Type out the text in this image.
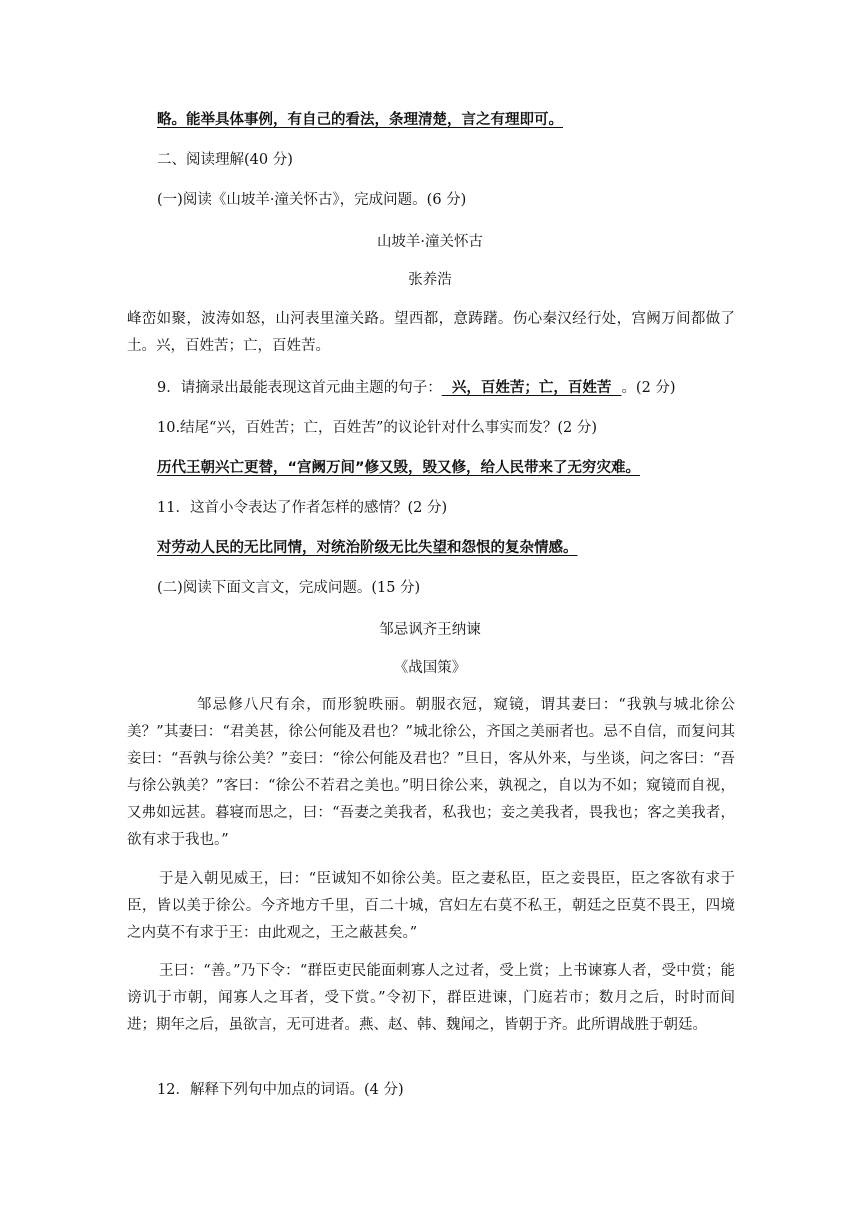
略。能举具体事例，有自己的看法，条理清楚，言之有理即可。
二、阅读理解(40 分)
(一)阅读《山坡羊·潼关怀古》，完成问题。(6 分)
山坡羊·潼关怀古
张养浩
峰峦如聚，波涛如怒，山河表里潼关路。望西都，意踌躇。伤心秦汉经行处，宫阙万间都做了土。兴，百姓苦；亡，百姓苦。
9．请摘录出最能表现这首元曲主题的句子：  兴，百姓苦；亡，百姓苦  。(2 分)
10.结尾“兴，百姓苦；亡，百姓苦”的议论针对什么事实而发？(2 分)
历代王朝兴亡更替，“宫阙万间”修又毁，毁又修，给人民带来了无穷灾难。
11．这首小令表达了作者怎样的感情？(2 分)
对劳动人民的无比同情，对统治阶级无比失望和怨恨的复杂情感。
(二)阅读下面文言文，完成问题。(15 分)
邹忌讽齐王纳谏
《战国策》
邹忌修八尺有余，而形貌昳丽。朝服衣冠，窥镜，谓其妻曰：“我孰与城北徐公美？”其妻曰：“君美甚，徐公何能及君也？”城北徐公，齐国之美丽者也。忌不自信，而复问其妾曰：“吾孰与徐公美？”妾曰：“徐公何能及君也？”旦日，客从外来，与坐谈，问之客曰：“吾与徐公孰美？”客曰：“徐公不若君之美也。”明日徐公来，孰视之，自以为不如；窥镜而自视，又弗如远甚。暮寝而思之，曰：“吾妻之美我者，私我也；妾之美我者，畏我也；客之美我者，欲有求于我也。”
于是入朝见威王，曰：“臣诚知不如徐公美。臣之妻私臣，臣之妾畏臣，臣之客欲有求于臣，皆以美于徐公。今齐地方千里，百二十城，宫妇左右莫不私王，朝廷之臣莫不畏王，四境之内莫不有求于王：由此观之，王之蔽甚矣。”
王曰：“善。”乃下令：“群臣吏民能面刺寡人之过者，受上赏；上书谏寡人者，受中赏；能谤讥于市朝，闻寡人之耳者，受下赏。”令初下，群臣进谏，门庭若市；数月之后，时时而间进；期年之后，虽欲言，无可进者。燕、赵、韩、魏闻之，皆朝于齐。此所谓战胜于朝廷。
12．解释下列句中加点的词语。(4 分)
